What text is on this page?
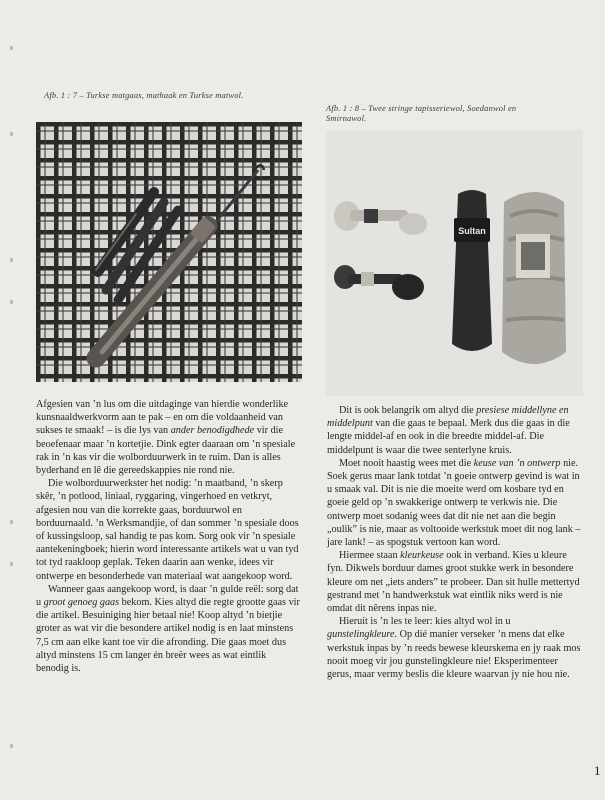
Afb. 1 : 7 – Turkse matgaas, mathaak en Turkse matwol.
Afb. 1 : 8 – Twee stringe tapisseriewol, Soedanwol en
Smirnawol.
Sultan

Afgesien van ’n lus om die uitdaginge van hierdie wonderlike kunsnaaldwerkvorm aan te pak – en om die voldaanheid van sukses te smaak! – is die lys van ander benodigdhede vir die beoefenaar maar ’n kortetjie. Dink egter daaraan om ’n spesiale rak in ’n kas vir die wolborduurwerk in te ruim. Dan is alles byderhand en lê die gereedskappies nie rond nie.

Die wolborduurwerkster het nodig: ’n maatband, ’n skerp skêr, ’n potlood, liniaal, ryggaring, vingerhoed en vetkryt, afgesien nou van die korrekte gaas, borduurwol en borduurnaald. ’n Werksmandjie, of dan sommer ’n spesiale doos of kussingsloop, sal handig te pas kom. Sorg ook vir ’n spesiale aantekeningboek; hierin word interessante artikels wat u van tyd tot tyd raakloop geplak. Teken daarin aan wenke, idees vir ontwerpe en besonderhede van materiaal wat aangekoop word.

Wanneer gaas aangekoop word, is daar ’n gulde reël: sorg dat u groot genoeg gaas bekom. Kies altyd die regte grootte gaas vir die artikel. Besuiniging hier betaal nie! Koop altyd ’n bietjie groter as wat vir die besondere artikel nodig is en laat minstens 7,5 cm aan elke kant toe vir die afronding. Die gaas moet dus altyd minstens 15 cm langer én breër wees as wat eintlik benodig is.

Dit is ook belangrik om altyd die presiese middellyne en middelpunt van die gaas te bepaal. Merk dus die gaas in die lengte middel-af en ook in die breedte middel-af. Die middelpunt is waar die twee senterlyne kruis.

Moet nooit haastig wees met die keuse van ’n ontwerp nie. Soek gerus maar lank totdat ’n goeie ontwerp gevind is wat in u smaak val. Dit is nie die moeite werd om kosbare tyd en goeie geld op ’n swakkerige ontwerp te verkwis nie. Die ontwerp moet sodanig wees dat dit nie net aan die begin „oulik” is nie, maar as voltooide werkstuk moet dit nog lank – jare lank! – as spogstuk vertoon kan word.

Hiermee staan kleurkeuse ook in verband. Kies u kleure fyn. Dikwels borduur dames groot stukke werk in besondere kleure om net „iets anders” te probeer. Dan sit hulle mettertyd gestrand met ’n handwerkstuk wat eintlik niks werd is nie omdat dit nêrens inpas nie.

Hieruit is ’n les te leer: kies altyd wol in u gunstelingkleure. Op dié manier verseker ’n mens dat elke werkstuk inpas by ’n reeds bewese kleurskema en jy raak mos nooit moeg vir jou gunstelingkleure nie! Eksperimenteer gerus, maar vermy beslis die kleure waarvan jy nie hou nie.

1
